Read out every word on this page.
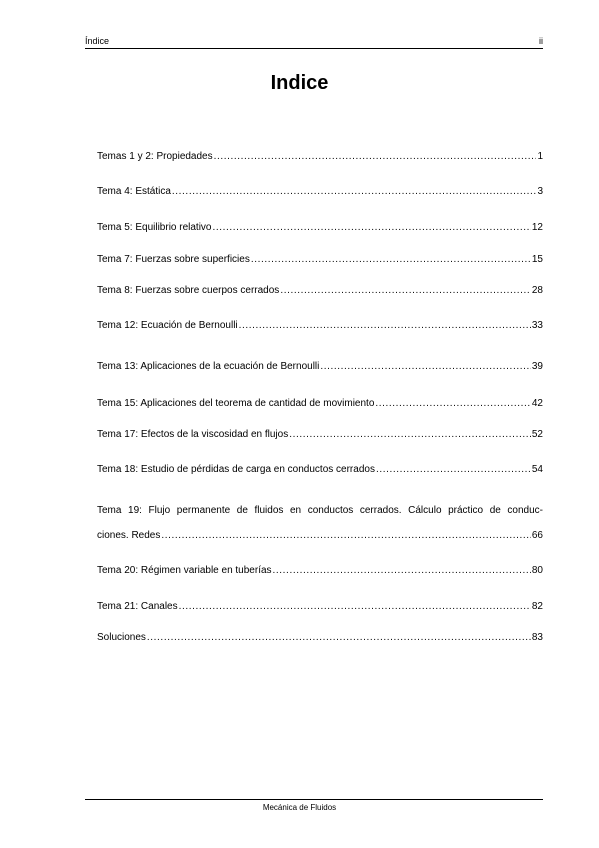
Índice	ii
Indice
Temas 1 y 2: Propiedades .....	1
Tema 4: Estática .....	3
Tema 5: Equilibrio relativo .....	12
Tema 7: Fuerzas sobre superficies .....	15
Tema 8: Fuerzas sobre cuerpos cerrados .....	28
Tema 12: Ecuación de Bernoulli .....	33
Tema 13: Aplicaciones de la ecuación de Bernoulli .....	39
Tema 15: Aplicaciones del teorema de cantidad de movimiento .....	42
Tema 17: Efectos de la viscosidad en flujos .....	52
Tema 18: Estudio de pérdidas de carga en conductos cerrados .....	54
Tema 19: Flujo permanente de fluidos en conductos cerrados. Cálculo práctico de conduc-
ciones. Redes .....	66
Tema 20: Régimen variable en tuberías .....	80
Tema 21: Canales .....	82
Soluciones .....	83
Mecánica de Fluidos
